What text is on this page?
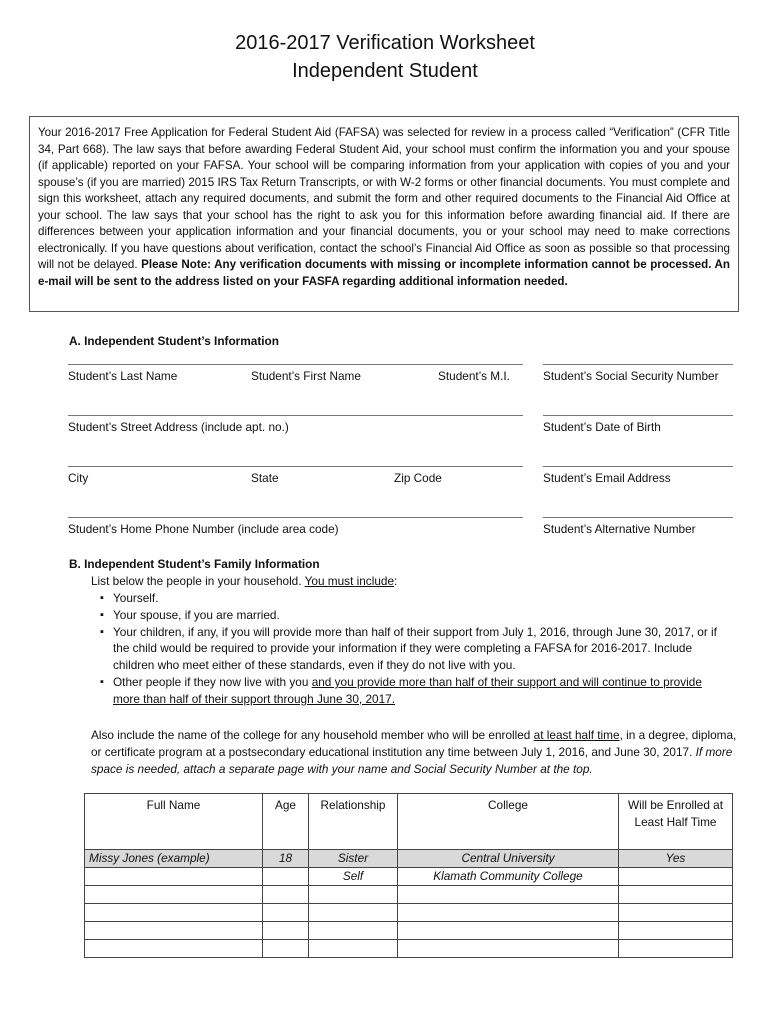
2016-2017 Verification Worksheet
Independent Student
Your 2016-2017 Free Application for Federal Student Aid (FAFSA) was selected for review in a process called “Verification” (CFR Title 34, Part 668). The law says that before awarding Federal Student Aid, your school must confirm the information you and your spouse (if applicable) reported on your FAFSA. Your school will be comparing information from your application with copies of you and your spouse’s (if you are married) 2015 IRS Tax Return Transcripts, or with W-2 forms or other financial documents. You must complete and sign this worksheet, attach any required documents, and submit the form and other required documents to the Financial Aid Office at your school. The law says that your school has the right to ask you for this information before awarding financial aid. If there are differences between your application information and your financial documents, you or your school may need to make corrections electronically. If you have questions about verification, contact the school’s Financial Aid Office as soon as possible so that processing will not be delayed. Please Note: Any verification documents with missing or incomplete information cannot be processed. An e-mail will be sent to the address listed on your FASFA regarding additional information needed.
A. Independent Student’s Information
Student’s Last Name	Student’s First Name	Student’s M.I.	Student’s Social Security Number
Student’s Street Address (include apt. no.)	Student’s Date of Birth
City	State	Zip Code	Student’s Email Address
Student’s Home Phone Number (include area code)	Student’s Alternative Number
B. Independent Student’s Family Information
List below the people in your household. You must include:
▪ Yourself.
▪ Your spouse, if you are married.
▪ Your children, if any, if you will provide more than half of their support from July 1, 2016, through June 30, 2017, or if the child would be required to provide your information if they were completing a FAFSA for 2016-2017. Include children who meet either of these standards, even if they do not live with you.
▪ Other people if they now live with you and you provide more than half of their support and will continue to provide more than half of their support through June 30, 2017.
Also include the name of the college for any household member who will be enrolled at least half time, in a degree, diploma, or certificate program at a postsecondary educational institution any time between July 1, 2016, and June 30, 2017. If more space is needed, attach a separate page with your name and Social Security Number at the top.
Full Name	Age	Relationship	College	Will be Enrolled at Least Half Time
Missy Jones (example)	18	Sister	Central University	Yes
		Self	Klamath Community College	
